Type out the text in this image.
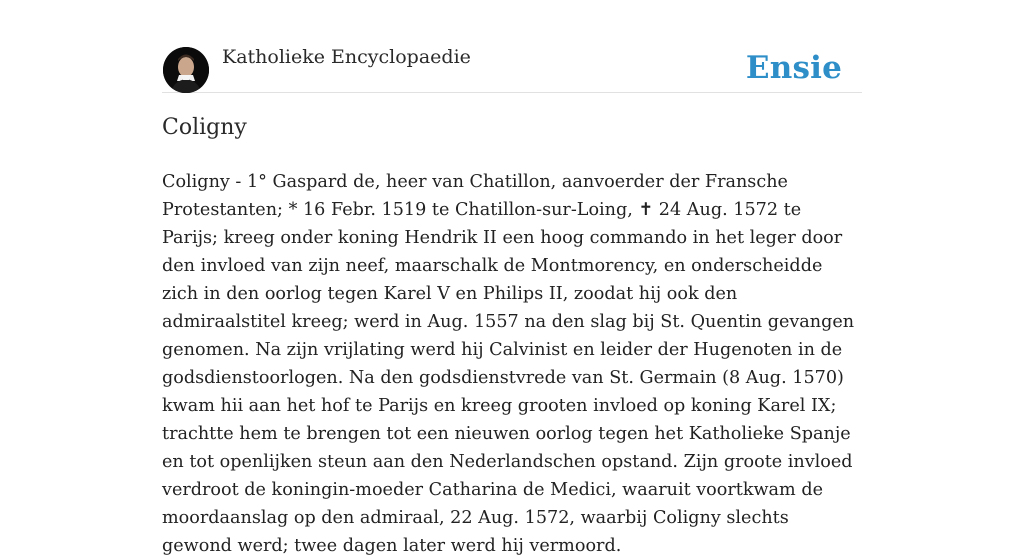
Katholieke Encyclopaedie	Ensie
Coligny

Coligny - 1° Gaspard de, heer van Chatillon, aanvoerder der Fransche Protestanten; * 16 Febr. 1519 te Chatillon-sur-Loing, ✝ 24 Aug. 1572 te Parijs; kreeg onder koning Hendrik II een hoog commando in het leger door den invloed van zijn neef, maarschalk de Montmorency, en onderscheidde zich in den oorlog tegen Karel V en Philips II, zoodat hij ook den admiraalstitel kreeg; werd in Aug. 1557 na den slag bij St. Quentin gevangen genomen. Na zijn vrijlating werd hij Calvinist en leider der Hugenoten in de godsdienstoorlogen. Na den godsdienstvrede van St. Germain (8 Aug. 1570) kwam hii aan het hof te Parijs en kreeg grooten invloed op koning Karel IX; trachtte hem te brengen tot een nieuwen oorlog tegen het Katholieke Spanje en tot openlijken steun aan den Nederlandschen opstand. Zijn groote invloed verdroot de koningin-moeder Catharina de Medici, waaruit voortkwam de moordaanslag op den admiraal, 22 Aug. 1572, waarbij Coligny slechts gewond werd; twee dagen later werd hij vermoord.
